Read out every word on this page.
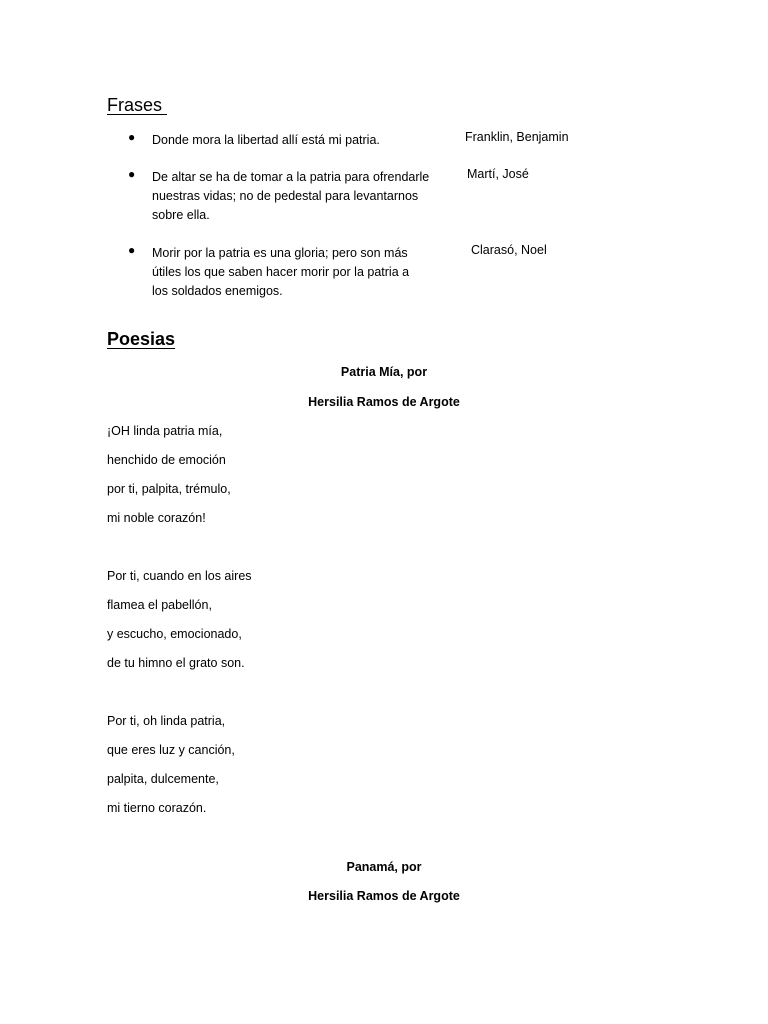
Frases
● Donde mora la libertad allí está mi patria.	Franklin, Benjamin
● De altar se ha de tomar a la patria para ofrendarle
nuestras vidas; no de pedestal para levantarnos
sobre ella.
Martí, José
● Morir por la patria es una gloria; pero son más
útiles los que saben hacer morir por la patria a
los soldados enemigos.
Clarasó, Noel
Poesias
Patria Mía, por
Hersilia Ramos de Argote
¡OH linda patria mía,
henchido de emoción
por ti, palpita, trémulo,
mi noble corazón!
Por ti, cuando en los aires
flamea el pabellón,
y escucho, emocionado,
de tu himno el grato son.
Por ti, oh linda patria,
que eres luz y canción,
palpita, dulcemente,
mi tierno corazón.
Panamá, por
Hersilia Ramos de Argote
